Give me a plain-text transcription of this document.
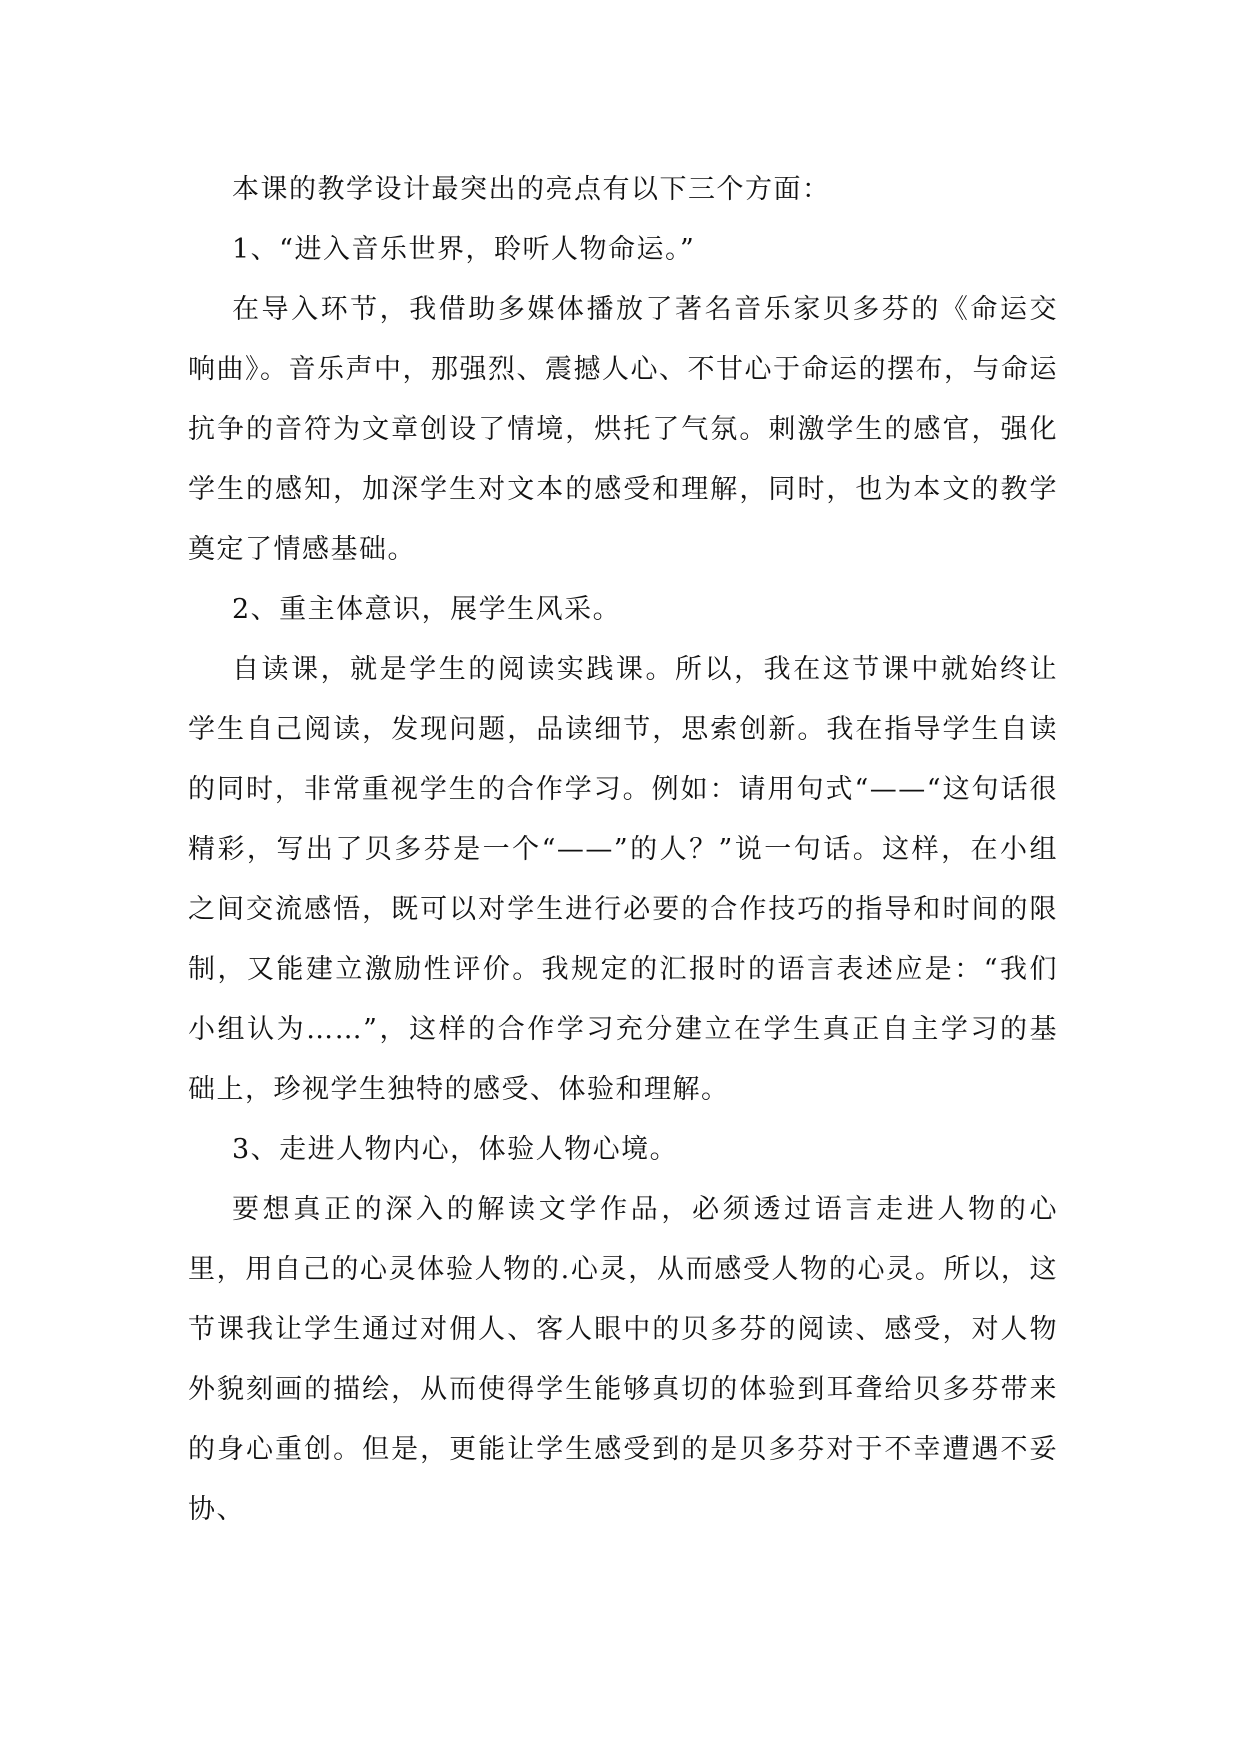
本课的教学设计最突出的亮点有以下三个方面：

1、“进入音乐世界，聆听人物命运。”

在导入环节，我借助多媒体播放了著名音乐家贝多芬的《命运交响曲》。音乐声中，那强烈、震撼人心、不甘心于命运的摆布，与命运抗争的音符为文章创设了情境，烘托了气氛。刺激学生的感官，强化学生的感知，加深学生对文本的感受和理解，同时，也为本文的教学奠定了情感基础。

2、重主体意识，展学生风采。

自读课，就是学生的阅读实践课。所以，我在这节课中就始终让学生自己阅读，发现问题，品读细节，思索创新。我在指导学生自读的同时，非常重视学生的合作学习。例如：请用句式“——“这句话很精彩，写出了贝多芬是一个“——”的人？”说一句话。这样，在小组之间交流感悟，既可以对学生进行必要的合作技巧的指导和时间的限制，又能建立激励性评价。我规定的汇报时的语言表述应是：“我们小组认为……”，这样的合作学习充分建立在学生真正自主学习的基础上，珍视学生独特的感受、体验和理解。

3、走进人物内心，体验人物心境。

要想真正的深入的解读文学作品，必须透过语言走进人物的心里，用自己的心灵体验人物的.心灵，从而感受人物的心灵。所以，这节课我让学生通过对佣人、客人眼中的贝多芬的阅读、感受，对人物外貌刻画的描绘，从而使得学生能够真切的体验到耳聋给贝多芬带来的身心重创。但是，更能让学生感受到的是贝多芬对于不幸遭遇不妥协、
